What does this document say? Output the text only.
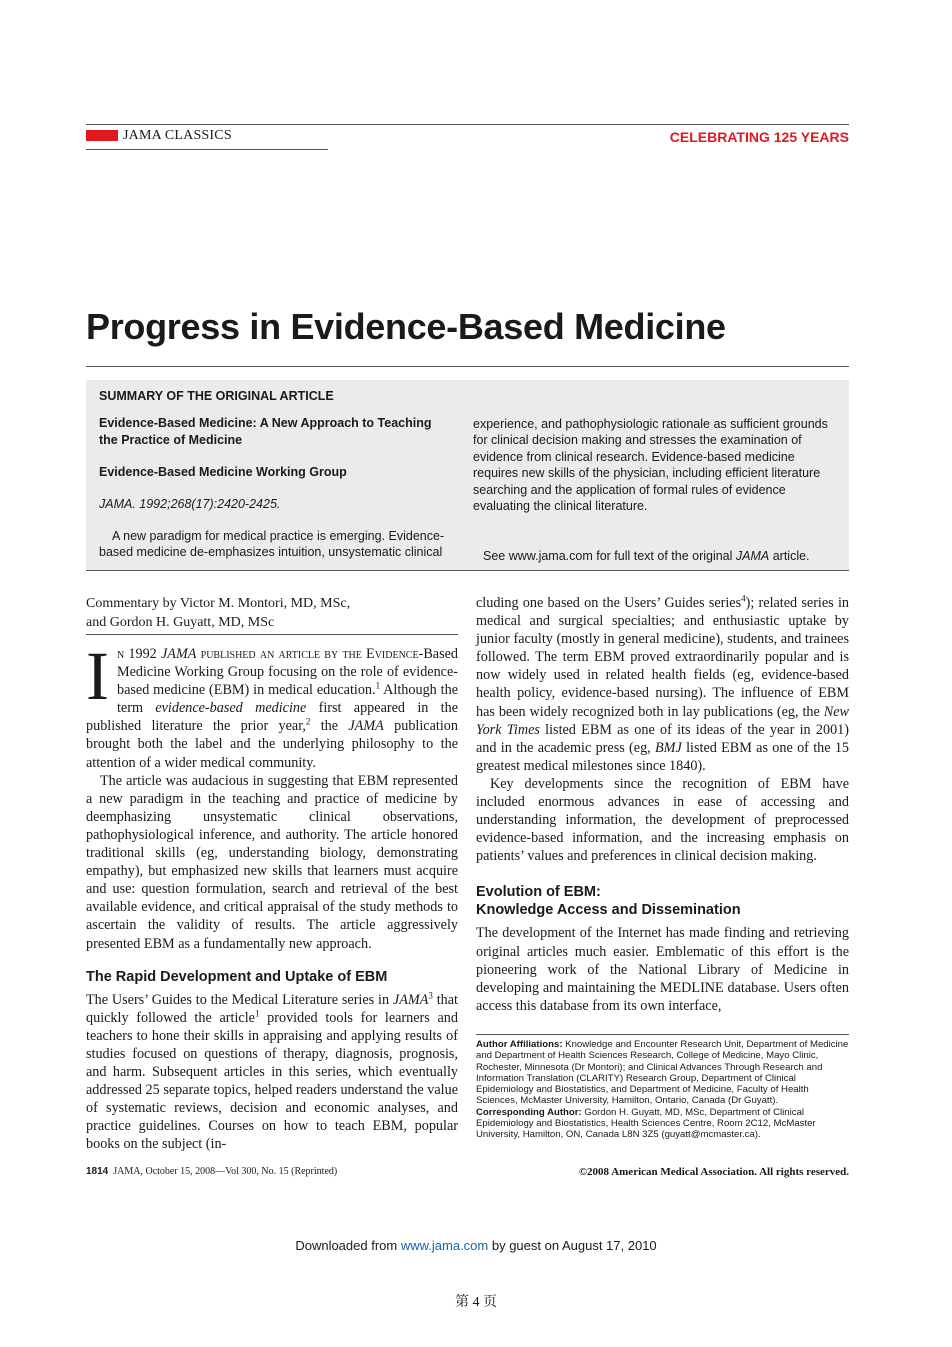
JAMA CLASSICS	CELEBRATING 125 YEARS
Progress in Evidence-Based Medicine
SUMMARY OF THE ORIGINAL ARTICLE
Evidence-Based Medicine: A New Approach to Teaching the Practice of Medicine
Evidence-Based Medicine Working Group
JAMA. 1992;268(17):2420-2425.
A new paradigm for medical practice is emerging. Evidence-based medicine de-emphasizes intuition, unsystematic clinical
experience, and pathophysiologic rationale as sufficient grounds for clinical decision making and stresses the examination of evidence from clinical research. Evidence-based medicine requires new skills of the physician, including efficient literature searching and the application of formal rules of evidence evaluating the clinical literature.
See www.jama.com for full text of the original JAMA article.
Commentary by Victor M. Montori, MD, MSc,
and Gordon H. Guyatt, MD, MSc

In 1992 JAMA published an article by the Evidence-Based Medicine Working Group focusing on the role of evidence-based medicine (EBM) in medical education.$^1$ Although the term evidence-based medicine first appeared in the published literature the prior year,$^2$ the JAMA publication brought both the label and the underlying philosophy to the attention of a wider medical community.

The article was audacious in suggesting that EBM represented a new paradigm in the teaching and practice of medicine by deemphasizing unsystematic clinical observations, pathophysiological inference, and authority. The article honored traditional skills (eg, understanding biology, demonstrating empathy), but emphasized new skills that learners must acquire and use: question formulation, search and retrieval of the best available evidence, and critical appraisal of the study methods to ascertain the validity of results. The article aggressively presented EBM as a fundamentally new approach.

The Rapid Development and Uptake of EBM

The Users’ Guides to the Medical Literature series in JAMA$^3$ that quickly followed the article$^1$ provided tools for learners and teachers to hone their skills in appraising and applying results of studies focused on questions of therapy, diagnosis, prognosis, and harm. Subsequent articles in this series, which eventually addressed 25 separate topics, helped readers understand the value of systematic reviews, decision and economic analyses, and practice guidelines. Courses on how to teach EBM, popular books on the subject (in-

cluding one based on the Users’ Guides series$^4$); related series in medical and surgical specialties; and enthusiastic uptake by junior faculty (mostly in general medicine), students, and trainees followed. The term EBM proved extraordinarily popular and is now widely used in related health fields (eg, evidence-based health policy, evidence-based nursing). The influence of EBM has been widely recognized both in lay publications (eg, the New York Times listed EBM as one of its ideas of the year in 2001) and in the academic press (eg, BMJ listed EBM as one of the 15 greatest medical milestones since 1840).

Key developments since the recognition of EBM have included enormous advances in ease of accessing and understanding information, the development of preprocessed evidence-based information, and the increasing emphasis on patients’ values and preferences in clinical decision making.

Evolution of EBM:
Knowledge Access and Dissemination

The development of the Internet has made finding and retrieving original articles much easier. Emblematic of this effort is the pioneering work of the National Library of Medicine in developing and maintaining the MEDLINE database. Users often access this database from its own interface,

Author Affiliations: Knowledge and Encounter Research Unit, Department of Medicine and Department of Health Sciences Research, College of Medicine, Mayo Clinic, Rochester, Minnesota (Dr Montori); and Clinical Advances Through Research and Information Translation (CLARITY) Research Group, Department of Clinical Epidemiology and Biostatistics, and Department of Medicine, Faculty of Health Sciences, McMaster University, Hamilton, Ontario, Canada (Dr Guyatt).
Corresponding Author: Gordon H. Guyatt, MD, MSc, Department of Clinical Epidemiology and Biostatistics, Health Sciences Centre, Room 2C12, McMaster University, Hamilton, ON, Canada L8N 3Z5 (guyatt@mcmaster.ca).
1814 JAMA, October 15, 2008—Vol 300, No. 15 (Reprinted)	©2008 American Medical Association. All rights reserved.
Downloaded from www.jama.com by guest on August 17, 2010
第 4 页
